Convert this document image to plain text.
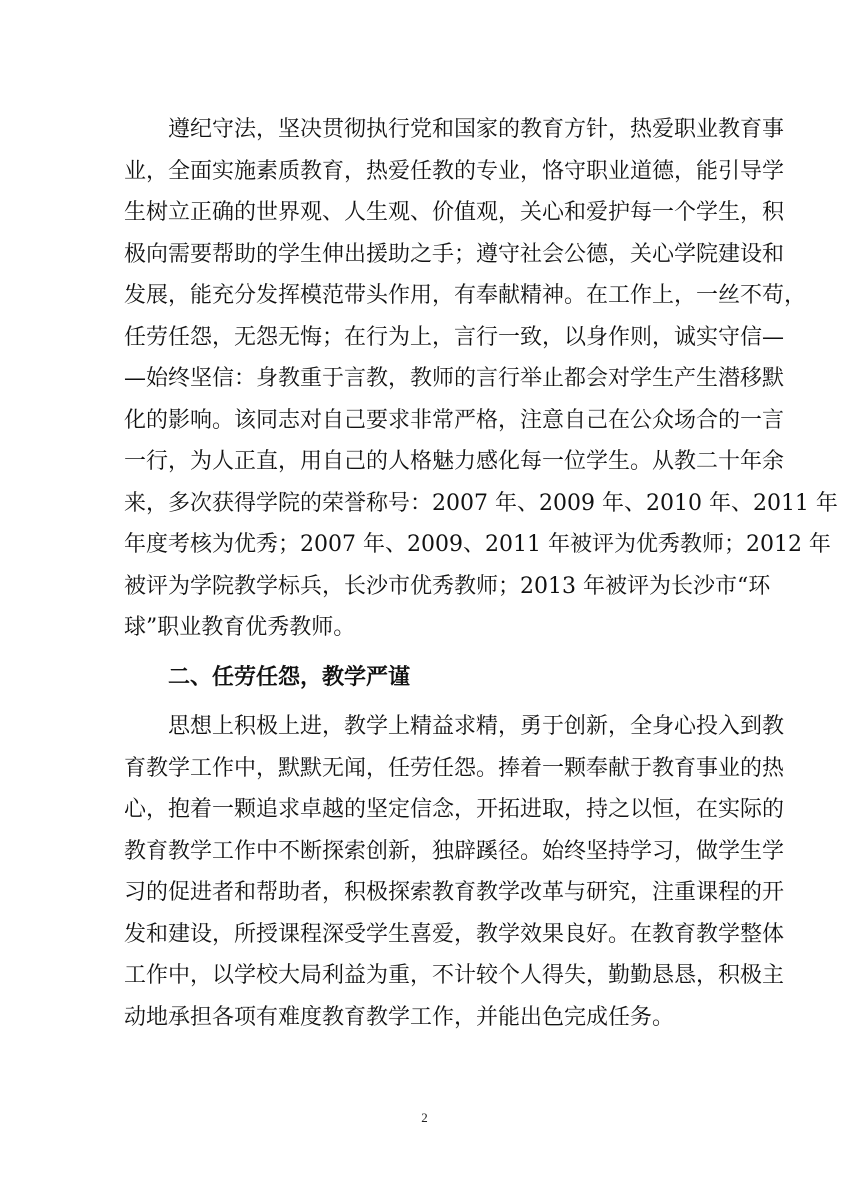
遵纪守法，坚决贯彻执行党和国家的教育方针，热爱职业教育事
业，全面实施素质教育，热爱任教的专业，恪守职业道德，能引导学
生树立正确的世界观、人生观、价值观，关心和爱护每一个学生，积
极向需要帮助的学生伸出援助之手；遵守社会公德，关心学院建设和
发展，能充分发挥模范带头作用，有奉献精神。在工作上，一丝不苟，
任劳任怨，无怨无悔；在行为上，言行一致，以身作则，诚实守信—
—始终坚信：身教重于言教，教师的言行举止都会对学生产生潜移默
化的影响。该同志对自己要求非常严格，注意自己在公众场合的一言
一行，为人正直，用自己的人格魅力感化每一位学生。从教二十年余
来，多次获得学院的荣誉称号：2007 年、2009 年、2010 年、2011 年
年度考核为优秀；2007 年、2009、2011 年被评为优秀教师；2012 年
被评为学院教学标兵，长沙市优秀教师；2013 年被评为长沙市“环
球”职业教育优秀教师。
二、任劳任怨，教学严谨
思想上积极上进，教学上精益求精，勇于创新，全身心投入到教
育教学工作中，默默无闻，任劳任怨。捧着一颗奉献于教育事业的热
心，抱着一颗追求卓越的坚定信念，开拓进取，持之以恒，在实际的
教育教学工作中不断探索创新，独辟蹊径。始终坚持学习，做学生学
习的促进者和帮助者，积极探索教育教学改革与研究，注重课程的开
发和建设，所授课程深受学生喜爱，教学效果良好。在教育教学整体
工作中，以学校大局利益为重，不计较个人得失，勤勤恳恳，积极主
动地承担各项有难度教育教学工作，并能出色完成任务。
2
